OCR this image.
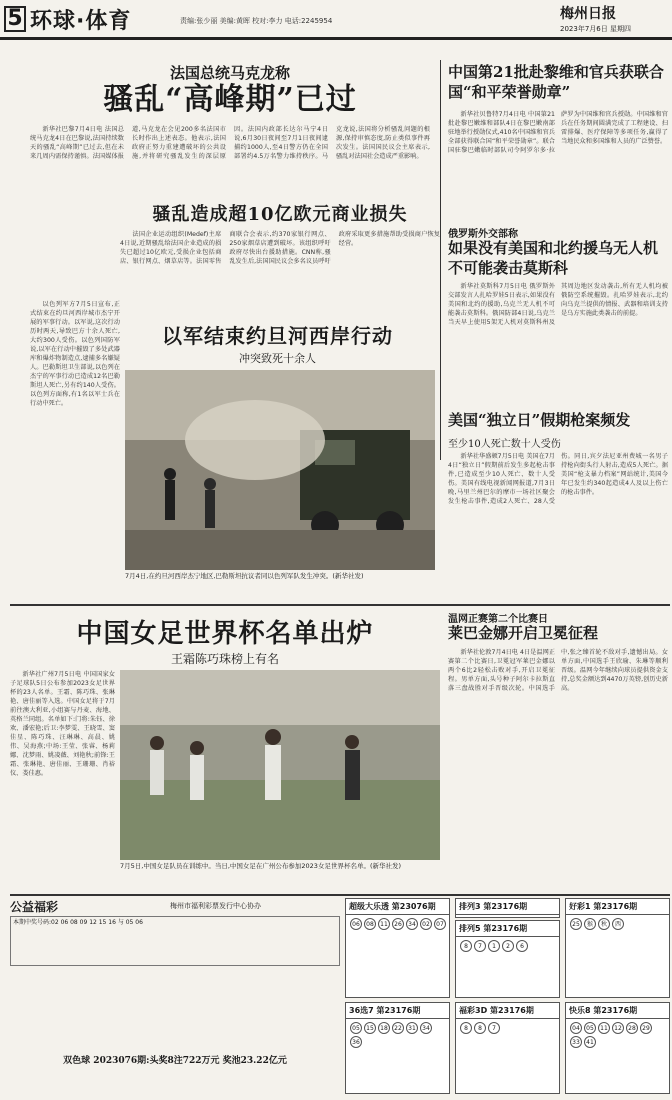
5 环球·体育	责编:张少丽 美编:黄晖 校对:李力 电话:2245954	梅州日报
2023年7月6日 星期四
法国总统马克龙称
骚乱“高峰期”已过

新华社巴黎7月4日电 法国总统马克龙4日在巴黎说,法国持续数天的骚乱“高峰期”已过去,但在未来几周内需保持谨慎。法国媒体报道,马克龙在会见200多名法国市长时作出上述表态。他表示,法国政府正努力重建遭破坏的公共设施,并将研究骚乱发生的深层原因。法国内政部长达尔马宁4日说,6月30日夜间至7月1日夜间逮捕约1000人,至4日警方仍在全国部署约4.5万名警力维持秩序。马克龙说,法国将分析骚乱问题的根源,保持审慎态度,防止类似事件再次发生。法国国民议会主席表示,骚乱对法国社会造成严重影响。

骚乱造成超10亿欧元商业损失

法国企业运动组织(Medef)主席4日说,近期骚乱给法国企业造成的损失已超过10亿欧元,受损企业包括商店、银行网点、烟草店等。法国零售商联合会表示,约370家银行网点、250家烟草店遭到破坏。该组织呼吁政府尽快出台援助措施。CNN称,骚乱发生后,法国国民议会多名议员呼吁政府采取更多措施帮助受损商户恢复经营。

以色列军方7月5日宣布,正式结束在约旦河西岸城市杰宁开展的军事行动。以军说,这次行动历时两天,导致巴方十余人死亡,大约300人受伤。以色列国防军说,以军在行动中摧毁了多处武器库和爆炸物制造点,逮捕多名嫌疑人。巴勒斯坦卫生部说,以色列在杰宁的军事行动已造成12名巴勒斯坦人死亡,另有约140人受伤。以色列方面称,有1名以军士兵在行动中死亡。

以军结束约旦河西岸行动
冲突致死十余人
7月4日,在约旦河西岸杰宁地区,巴勒斯坦抗议者同以色列军队发生冲突。(新华社发)
中国第21批赴黎维和官兵获联合国“和平荣誉勋章”

新华社贝鲁特7月4日电 中国第21批赴黎巴嫩维和部队4日在黎巴嫩南部驻地举行授勋仪式,410名中国维和官兵全部获得联合国“和平荣誉勋章”。联合国驻黎巴嫩临时部队司令阿罗尔多·拉萨罗为中国维和官兵授勋。中国维和官兵在任务期间圆满完成了工程建设、扫雷排爆、医疗保障等多项任务,赢得了当地民众和多国维和人员的广泛赞誉。

俄罗斯外交部称
如果没有美国和北约援乌无人机不可能袭击莫斯科

新华社莫斯科7月5日电 俄罗斯外交部发言人扎哈罗娃5日表示,如果没有美国和北约的援助,乌克兰无人机不可能袭击莫斯科。俄国防部4日说,乌克兰当天早上使用5架无人机对莫斯科州及其周边地区发动袭击,所有无人机均被俄防空系统摧毁。扎哈罗娃表示,北约向乌克兰提供的情报、武器和培训支持是乌方实施此类袭击的前提。

美国“独立日”假期枪案频发
至少10人死亡数十人受伤

新华社华盛顿7月5日电 美国在7月4日“独立日”假期前后发生多起枪击事件,已造成至少10人死亡、数十人受伤。美国有线电视新闻网报道,7月3日晚,马里兰州巴尔的摩市一场社区聚会发生枪击事件,造成2人死亡、28人受伤。同日,宾夕法尼亚州费城一名男子持枪向街头行人射击,造成5人死亡。据美国“枪支暴力档案”网站统计,美国今年已发生约340起造成4人及以上伤亡的枪击事件。

中国女足世界杯名单出炉
王霜陈巧珠榜上有名

新华社广州7月5日电 中国国家女子足球队5日公布参加2023女足世界杯的23人名单。王霜、陈巧珠、张琳艳、唐佳丽等入选。中国女足将于7月前往澳大利亚,小组赛与丹麦、海地、英格兰同组。名单如下:门将:朱钰、徐欢、潘宏艳;后卫:李梦雯、王晓雪、窦佳星、陈巧珠、汪琳琳、高晨、姚伟、吴海燕;中场:王莹、张睿、杨莉娜、沈梦雨、姚凌薇、刘艳秋;前锋:王霜、张琳艳、唐佳丽、王珊珊、肖裕仪、娄佳惠。

7月5日,中国女足队员在训练中。当日,中国女足在广州公布参加2023女足世界杯名单。(新华社发)
温网正赛第二个比赛日
莱巴金娜开启卫冕征程

新华社伦敦7月4日电 4日是温网正赛第二个比赛日,卫冕冠军莱巴金娜以两个6比2轻松击败对手,开启卫冕征程。男单方面,头号种子阿尔卡拉斯直落三盘战胜对手晋级次轮。中国选手中,张之臻首轮不敌对手,遗憾出局。女单方面,中国选手王欣瑜、朱琳等顺利晋级。温网今年继续向球员提供资金支持,总奖金额达到4470万英镑,创历史新高。

公益福彩	梅州市福利彩票发行中心协办
本期中奖号码:02 06 08 09 12 15 16 与 05 06
双色球 2023076期:头奖8注722万元 奖池23.22亿元
超级大乐透 第23076期
06 08 11 26 34 02 07
排列3 第23176期
排列5 第23176期
8 7 1 2 6
好彩1 第23176期
25 猴 秋 西
36选7 第23176期
05 15 18 22 31 3436
福彩3D 第23176期
8 8 7
快乐8 第23176期
04 05 11 12 28 2933 41
